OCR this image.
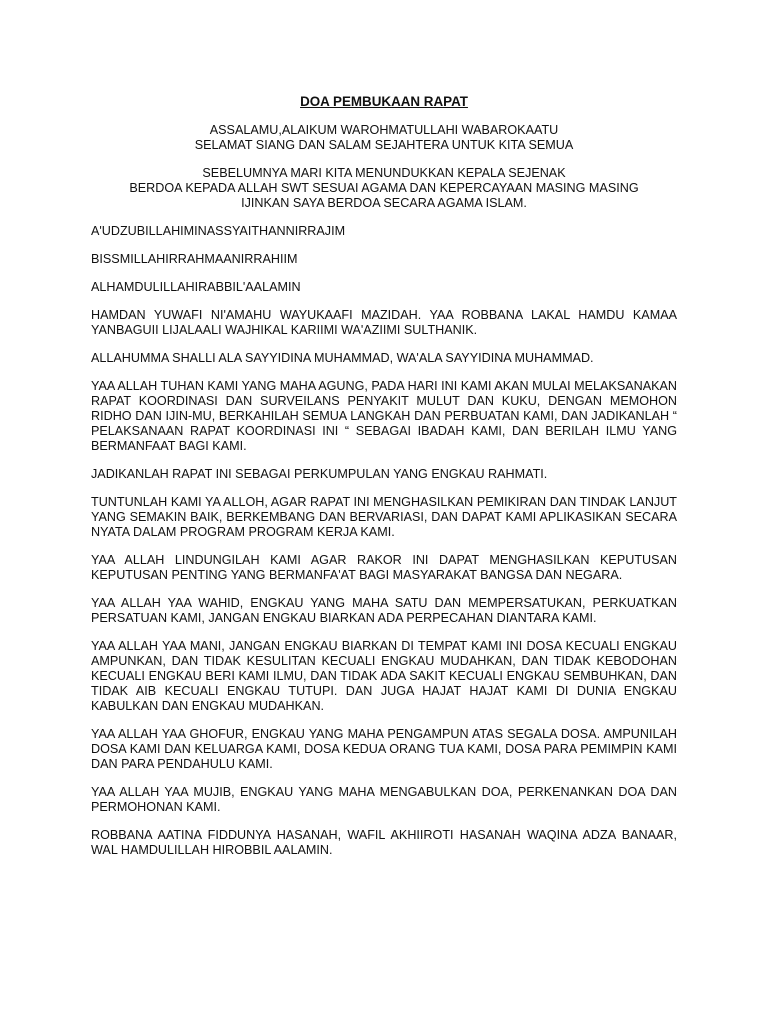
DOA PEMBUKAAN RAPAT
ASSALAMU,ALAIKUM WAROHMATULLAHI WABAROKAATU
SELAMAT SIANG DAN SALAM SEJAHTERA UNTUK KITA SEMUA
SEBELUMNYA MARI KITA MENUNDUKKAN KEPALA SEJENAK
BERDOA KEPADA ALLAH SWT SESUAI AGAMA DAN KEPERCAYAAN MASING MASING
IJINKAN SAYA BERDOA SECARA AGAMA ISLAM.

A'UDZUBILLAHIMINASSYAITHANNIRRAJIM

BISSMILLAHIRRAHMAANIRRAHIIM

ALHAMDULILLAHIRABBIL'AALAMIN

HAMDAN YUWAFI NI'AMAHU WAYUKAAFI MAZIDAH. YAA ROBBANA LAKAL HAMDU KAMAA YANBAGUII LIJALAALI WAJHIKAL KARIIMI WA'AZIIMI SULTHANIK.

ALLAHUMMA SHALLI ALA SAYYIDINA MUHAMMAD, WA'ALA SAYYIDINA MUHAMMAD.

YAA ALLAH TUHAN KAMI YANG MAHA AGUNG, PADA HARI INI KAMI AKAN MULAI MELAKSANAKAN RAPAT KOORDINASI DAN SURVEILANS PENYAKIT MULUT DAN KUKU, DENGAN MEMOHON RIDHO DAN IJIN-MU, BERKAHILAH SEMUA LANGKAH DAN PERBUATAN KAMI, DAN JADIKANLAH “ PELAKSANAAN RAPAT KOORDINASI INI “ SEBAGAI IBADAH KAMI, DAN BERILAH ILMU YANG BERMANFAAT BAGI KAMI.

JADIKANLAH RAPAT INI SEBAGAI PERKUMPULAN YANG ENGKAU RAHMATI.

TUNTUNLAH KAMI YA ALLOH, AGAR RAPAT INI MENGHASILKAN PEMIKIRAN DAN TINDAK LANJUT YANG SEMAKIN BAIK, BERKEMBANG DAN BERVARIASI, DAN DAPAT KAMI APLIKASIKAN SECARA NYATA DALAM PROGRAM PROGRAM KERJA KAMI.

YAA ALLAH LINDUNGILAH KAMI AGAR RAKOR INI DAPAT MENGHASILKAN KEPUTUSAN KEPUTUSAN PENTING YANG BERMANFA'AT BAGI MASYARAKAT BANGSA DAN NEGARA.

YAA ALLAH YAA WAHID, ENGKAU YANG MAHA SATU DAN MEMPERSATUKAN, PERKUATKAN PERSATUAN KAMI, JANGAN ENGKAU BIARKAN ADA PERPECAHAN DIANTARA KAMI.

YAA ALLAH YAA MANI, JANGAN ENGKAU BIARKAN DI TEMPAT KAMI INI DOSA KECUALI ENGKAU AMPUNKAN, DAN TIDAK KESULITAN KECUALI ENGKAU MUDAHKAN, DAN TIDAK KEBODOHAN KECUALI ENGKAU BERI KAMI ILMU, DAN TIDAK ADA SAKIT KECUALI ENGKAU SEMBUHKAN, DAN TIDAK AIB KECUALI ENGKAU TUTUPI. DAN JUGA HAJAT HAJAT KAMI DI DUNIA ENGKAU KABULKAN DAN ENGKAU MUDAHKAN.

YAA ALLAH YAA GHOFUR, ENGKAU YANG MAHA PENGAMPUN ATAS SEGALA DOSA. AMPUNILAH DOSA KAMI DAN KELUARGA KAMI, DOSA KEDUA ORANG TUA KAMI, DOSA PARA PEMIMPIN KAMI DAN PARA PENDAHULU KAMI.

YAA ALLAH YAA MUJIB, ENGKAU YANG MAHA MENGABULKAN DOA, PERKENANKAN DOA DAN PERMOHONAN KAMI.

ROBBANA AATINA FIDDUNYA HASANAH, WAFIL AKHIIROTI HASANAH WAQINA ADZA BANAAR, WAL HAMDULILLAH HIROBBIL AALAMIN.
